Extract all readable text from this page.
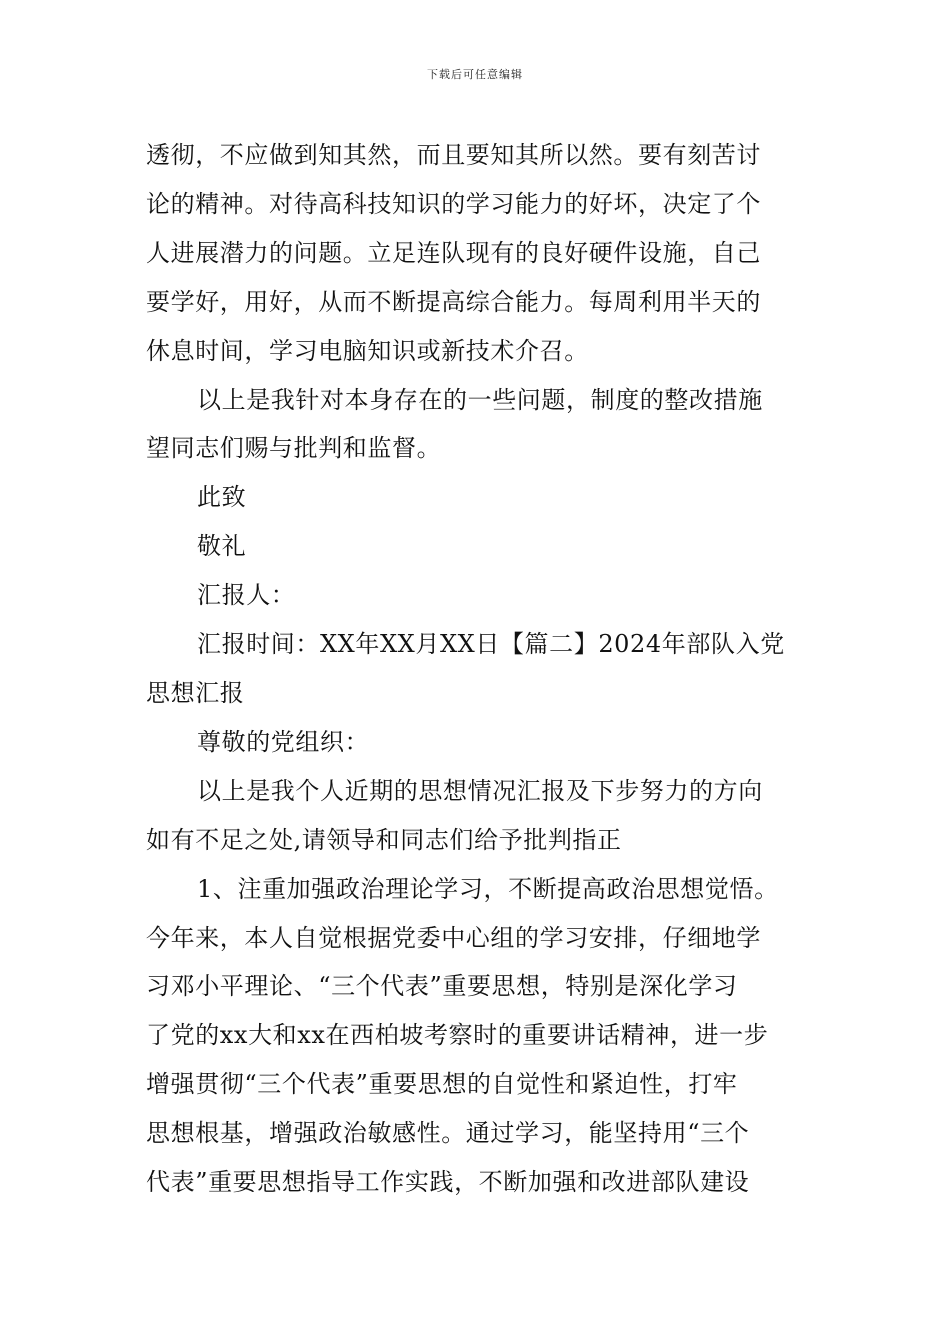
下载后可任意编辑

透彻，不应做到知其然，而且要知其所以然。要有刻苦讨

论的精神。对待高科技知识的学习能力的好坏，决定了个

人进展潜力的问题。立足连队现有的良好硬件设施，自己

要学好，用好，从而不断提高综合能力。每周利用半天的

休息时间，学习电脑知识或新技术介召。

以上是我针对本身存在的一些问题，制度的整改措施

望同志们赐与批判和监督。

此致

敬礼

汇报人：

汇报时间：XX年XX月XX日【篇二】2024年部队入党

思想汇报

尊敬的党组织：

以上是我个人近期的思想情况汇报及下步努力的方向

如有不足之处,请领导和同志们给予批判指正

1、注重加强政治理论学习，不断提高政治思想觉悟。

今年来，本人自觉根据党委中心组的学习安排，仔细地学

习邓小平理论、“三个代表”重要思想，特别是深化学习

了党的xx大和xx在西柏坡考察时的重要讲话精神，进一步

增强贯彻“三个代表”重要思想的自觉性和紧迫性，打牢

思想根基，增强政治敏感性。通过学习，能坚持用“三个

代表”重要思想指导工作实践，不断加强和改进部队建设
